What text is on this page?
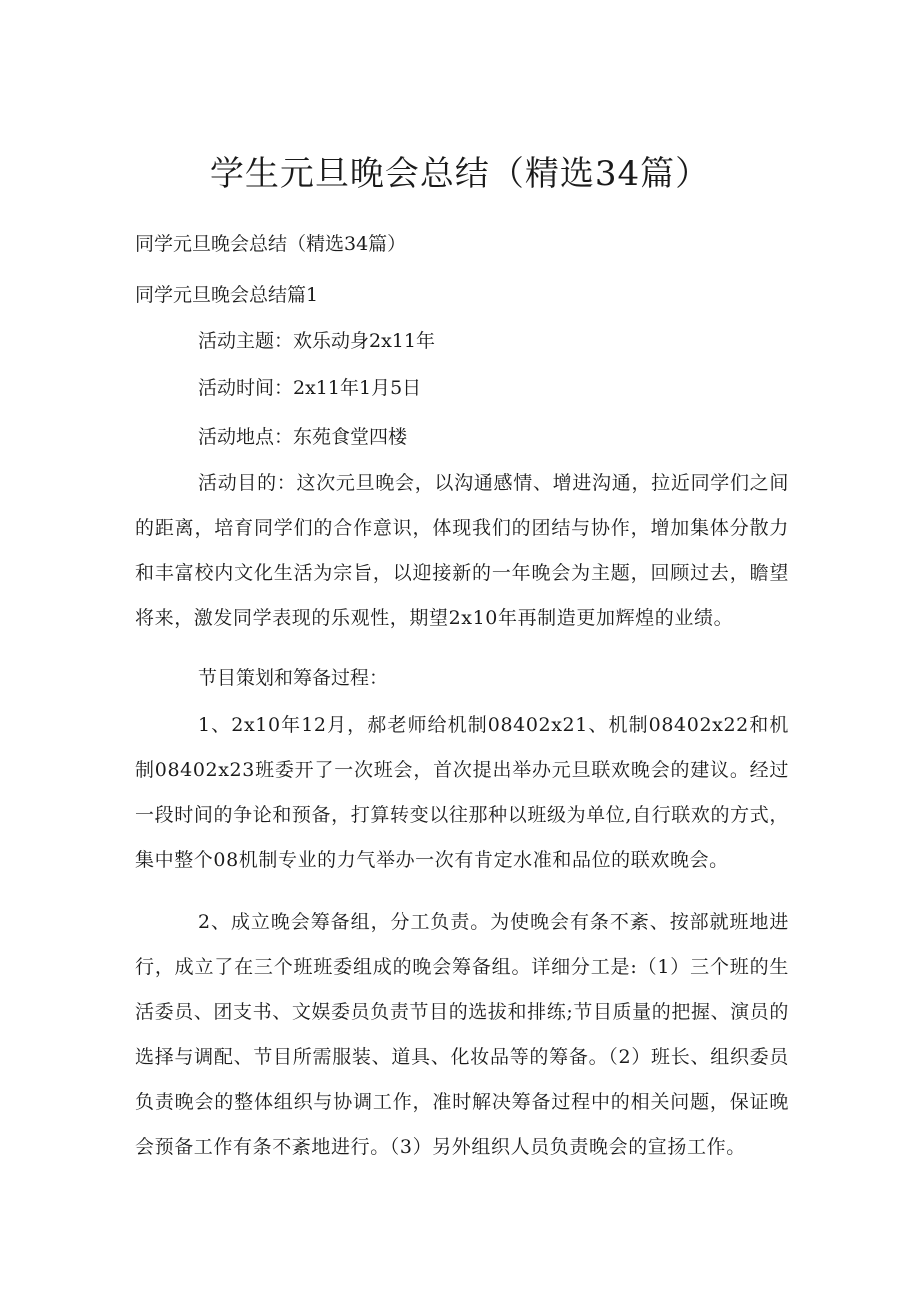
学生元旦晚会总结（精选34篇）

同学元旦晚会总结（精选34篇）

同学元旦晚会总结篇1

活动主题：欢乐动身2x11年

活动时间：2x11年1月5日

活动地点：东苑食堂四楼

活动目的：这次元旦晚会，以沟通感情、增进沟通，拉近同学们之间的距离，培育同学们的合作意识，体现我们的团结与协作，增加集体分散力和丰富校内文化生活为宗旨，以迎接新的一年晚会为主题，回顾过去，瞻望将来，激发同学表现的乐观性，期望2x10年再制造更加辉煌的业绩。

节目策划和筹备过程：

1、2x10年12月，郝老师给机制08402x21、机制08402x22和机制08402x23班委开了一次班会，首次提出举办元旦联欢晚会的建议。经过一段时间的争论和预备，打算转变以往那种以班级为单位,自行联欢的方式，集中整个08机制专业的力气举办一次有肯定水准和品位的联欢晚会。

2、成立晚会筹备组，分工负责。为使晚会有条不紊、按部就班地进行，成立了在三个班班委组成的晚会筹备组。详细分工是:（1）三个班的生活委员、团支书、文娱委员负责节目的选拔和排练;节目质量的把握、演员的选择与调配、节目所需服装、道具、化妆品等的筹备。（2）班长、组织委员负责晚会的整体组织与协调工作，准时解决筹备过程中的相关问题，保证晚会预备工作有条不紊地进行。（3）另外组织人员负责晚会的宣扬工作。
